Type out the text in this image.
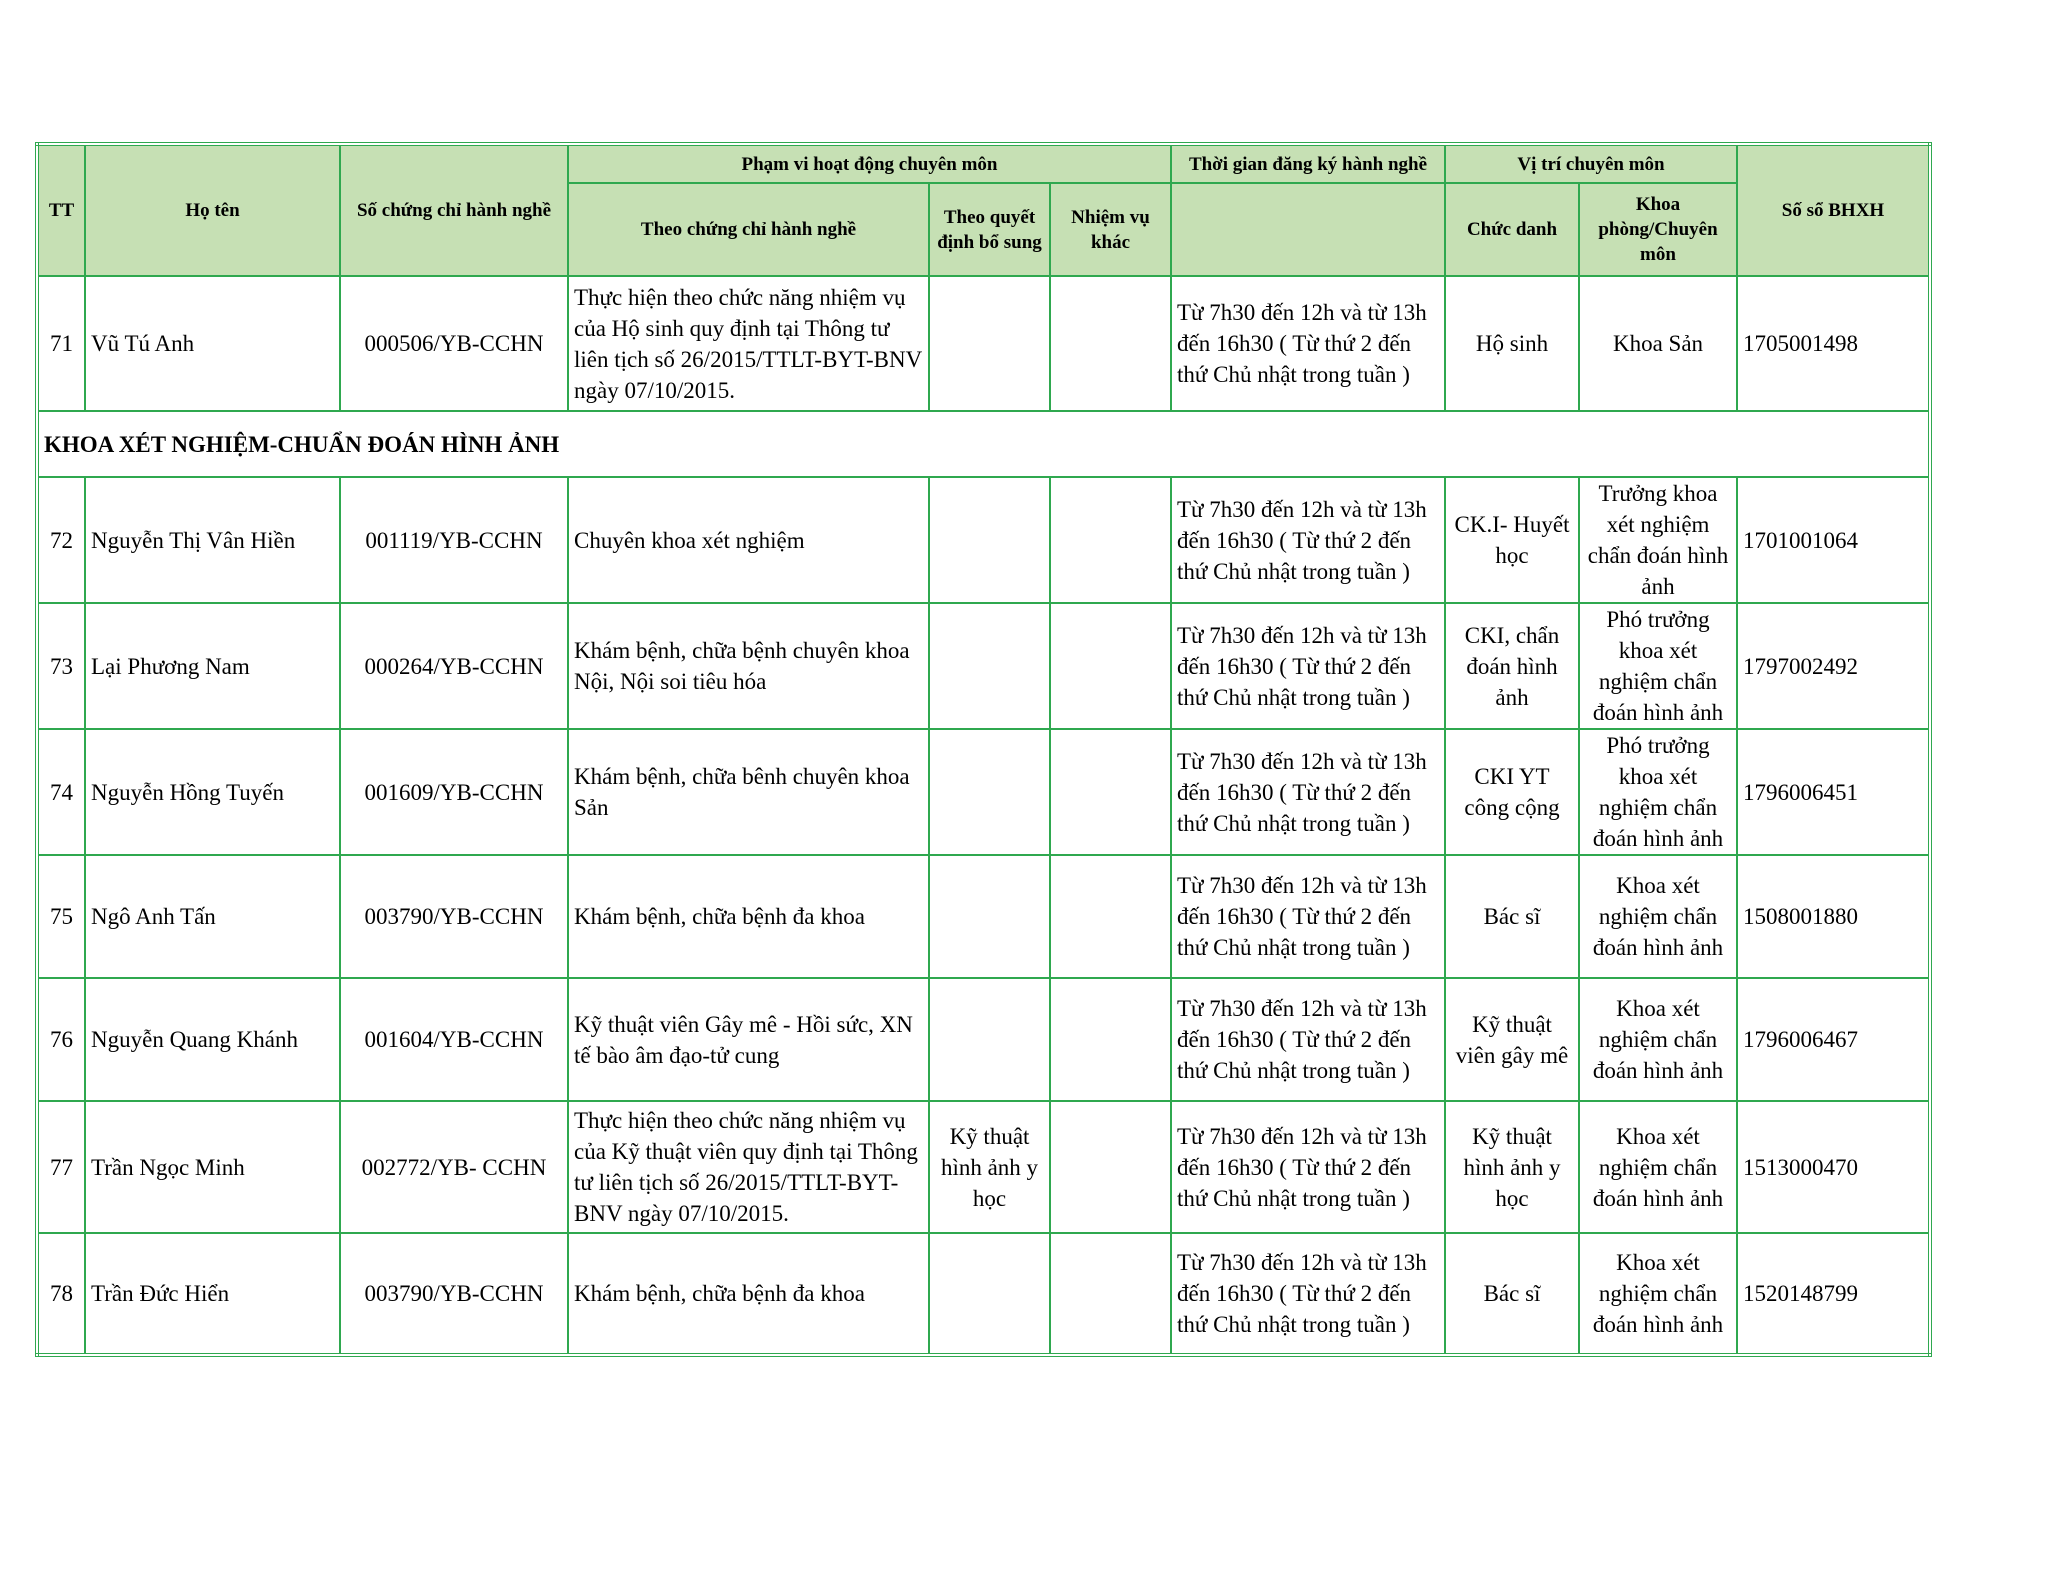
TT	Họ tên	Số chứng chỉ hành nghề	Phạm vi hoạt động chuyên môn			Thời gian đăng ký hành nghề	Vị trí chuyên môn		Số sổ BHXH
			Theo chứng chỉ hành nghề	Theo quyết định bổ sung	Nhiệm vụ khác		Chức danh	Khoa phòng/Chuyên môn	
71	Vũ Tú Anh	000506/YB-CCHN	Thực hiện theo chức năng nhiệm vụ của Hộ sinh quy định tại Thông tư liên tịch số 26/2015/TTLT-BYT-BNV ngày 07/10/2015.			Từ 7h30 đến 12h và từ 13h đến 16h30 ( Từ thứ 2 đến thứ Chủ nhật trong tuần )	Hộ sinh	Khoa Sản	1705001498
KHOA XÉT NGHIỆM-CHUẨN ĐOÁN HÌNH ẢNH									
72	Nguyễn Thị Vân Hiền	001119/YB-CCHN	Chuyên khoa xét nghiệm			Từ 7h30 đến 12h và từ 13h đến 16h30 ( Từ thứ 2 đến thứ Chủ nhật trong tuần )	CK.I- Huyết học	Trưởng khoa xét nghiệm chẩn đoán hình ảnh	1701001064
73	Lại Phương Nam	000264/YB-CCHN	Khám bệnh, chữa bệnh chuyên khoa Nội, Nội soi tiêu hóa			Từ 7h30 đến 12h và từ 13h đến 16h30 ( Từ thứ 2 đến thứ Chủ nhật trong tuần )	CKI, chẩn đoán hình ảnh	Phó trưởng khoa xét nghiệm chẩn đoán hình ảnh	1797002492
74	Nguyễn Hồng Tuyến	001609/YB-CCHN	Khám bệnh, chữa bênh chuyên khoa Sản			Từ 7h30 đến 12h và từ 13h đến 16h30 ( Từ thứ 2 đến thứ Chủ nhật trong tuần )	CKI YT công cộng	Phó trưởng khoa xét nghiệm chẩn đoán hình ảnh	1796006451
75	Ngô Anh Tấn	003790/YB-CCHN	Khám bệnh, chữa bệnh đa khoa			Từ 7h30 đến 12h và từ 13h đến 16h30 ( Từ thứ 2 đến thứ Chủ nhật trong tuần )	Bác sĩ	Khoa xét nghiệm chẩn đoán hình ảnh	1508001880
76	Nguyễn Quang Khánh	001604/YB-CCHN	Kỹ thuật viên Gây mê - Hồi sức, XN tế bào âm đạo-tử cung			Từ 7h30 đến 12h và từ 13h đến 16h30 ( Từ thứ 2 đến thứ Chủ nhật trong tuần )	Kỹ thuật viên gây mê	Khoa xét nghiệm chẩn đoán hình ảnh	1796006467
77	Trần Ngọc Minh	002772/YB- CCHN	Thực hiện theo chức năng nhiệm vụ của Kỹ thuật viên quy định tại Thông tư liên tịch số 26/2015/TTLT-BYT-BNV ngày 07/10/2015.	Kỹ thuật hình ảnh y học		Từ 7h30 đến 12h và từ 13h đến 16h30 ( Từ thứ 2 đến thứ Chủ nhật trong tuần )	Kỹ thuật hình ảnh y học	Khoa xét nghiệm chẩn đoán hình ảnh	1513000470
78	Trần Đức Hiển	003790/YB-CCHN	Khám bệnh, chữa bệnh đa khoa			Từ 7h30 đến 12h và từ 13h đến 16h30 ( Từ thứ 2 đến thứ Chủ nhật trong tuần )	Bác sĩ	Khoa xét nghiệm chẩn đoán hình ảnh	1520148799
